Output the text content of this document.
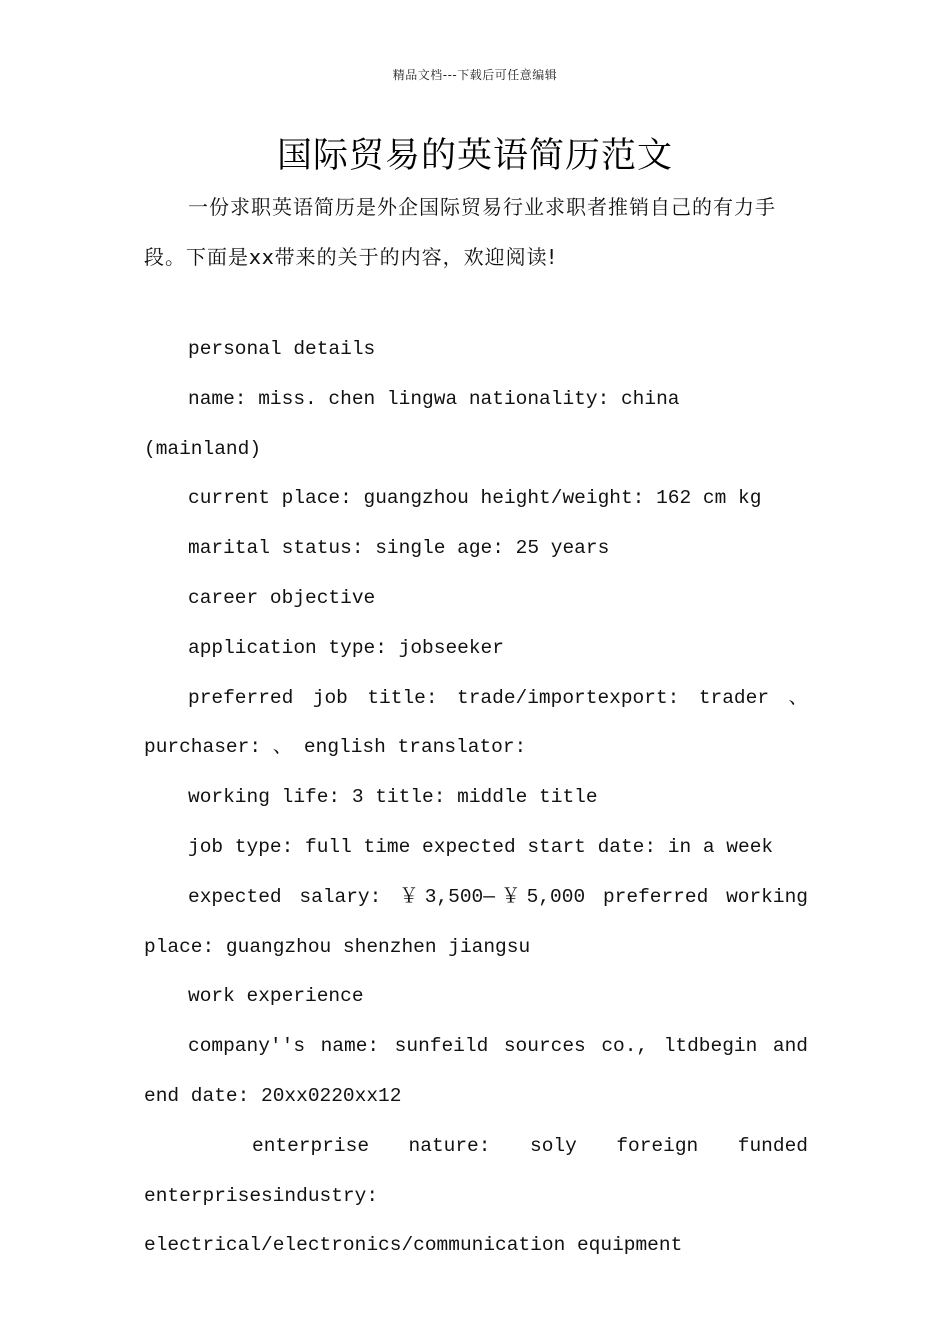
精品文档---下载后可任意编辑
国际贸易的英语简历范文
一份求职英语简历是外企国际贸易行业求职者推销自己的有力手段。下面是xx带来的关于的内容，欢迎阅读!

personal details

name: miss. chen lingwa nationality: china (mainland)

current place: guangzhou height/weight: 162 cm kg

marital status: single age: 25 years

career objective

application type: jobseeker

preferred job title: trade/importexport: trader 、 purchaser: 、 english translator:

working life: 3 title: middle title

job type: full time expected start date: in a week

expected salary: ￥3,500—￥5,000 preferred working place: guangzhou shenzhen jiangsu

work experience

company''s name: sunfeild sources co., ltdbegin and end date: 20xx0220xx12

enterprise nature: soly foreign funded enterprisesindustry: electrical/electronics/communication equipment
